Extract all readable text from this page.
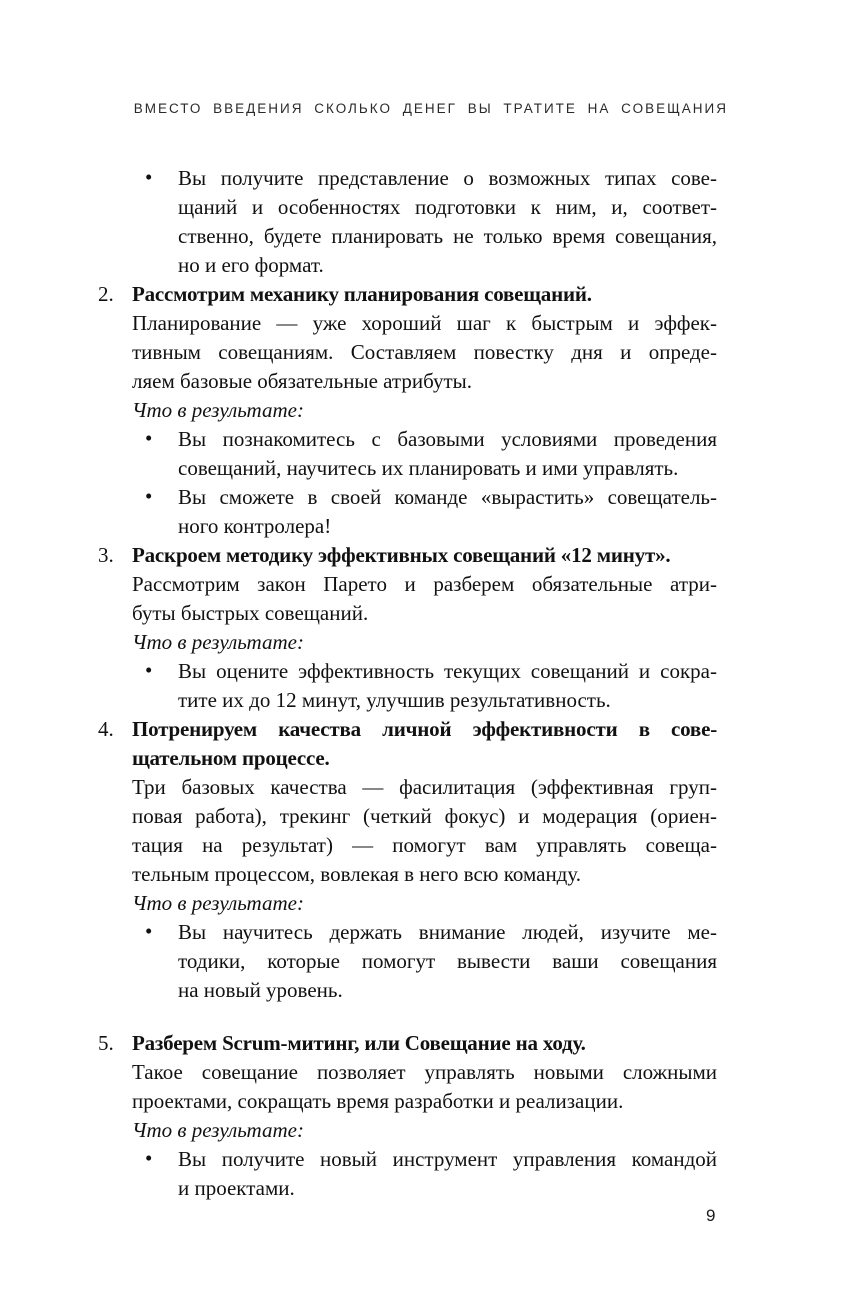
ВМЕСТО ВВЕДЕНИЯ СКОЛЬКО ДЕНЕГ ВЫ ТРАТИТЕ НА СОВЕЩАНИЯ
• Вы получите представление о возможных типах сове-
щаний и особенностях подготовки к ним, и, соответ-
ственно, будете планировать не только время совещания,
но и его формат.
2. Рассмотрим механику планирования совещаний.
Планирование — уже хороший шаг к быстрым и эффек-
тивным совещаниям. Составляем повестку дня и опреде-
ляем базовые обязательные атрибуты.
Что в результате:
• Вы познакомитесь с базовыми условиями проведения
совещаний, научитесь их планировать и ими управлять.
• Вы сможете в своей команде «вырастить» совещатель-
ного контролера!
3. Раскроем методику эффективных совещаний «12 минут».
Рассмотрим закон Парето и разберем обязательные атри-
буты быстрых совещаний.
Что в результате:
• Вы оцените эффективность текущих совещаний и сокра-
тите их до 12 минут, улучшив результативность.
4. Потренируем качества личной эффективности в сове-
щательном процессе.
Три базовых качества — фасилитация (эффективная груп-
повая работа), трекинг (четкий фокус) и модерация (ориен-
тация на результат) — помогут вам управлять совеща-
тельным процессом, вовлекая в него всю команду.
Что в результате:
• Вы научитесь держать внимание людей, изучите ме-
тодики, которые помогут вывести ваши совещания
на новый уровень.
5. Разберем Scrum-митинг, или Совещание на ходу.
Такое совещание позволяет управлять новыми сложными
проектами, сокращать время разработки и реализации.
Что в результате:
• Вы получите новый инструмент управления командой
и проектами.
9
